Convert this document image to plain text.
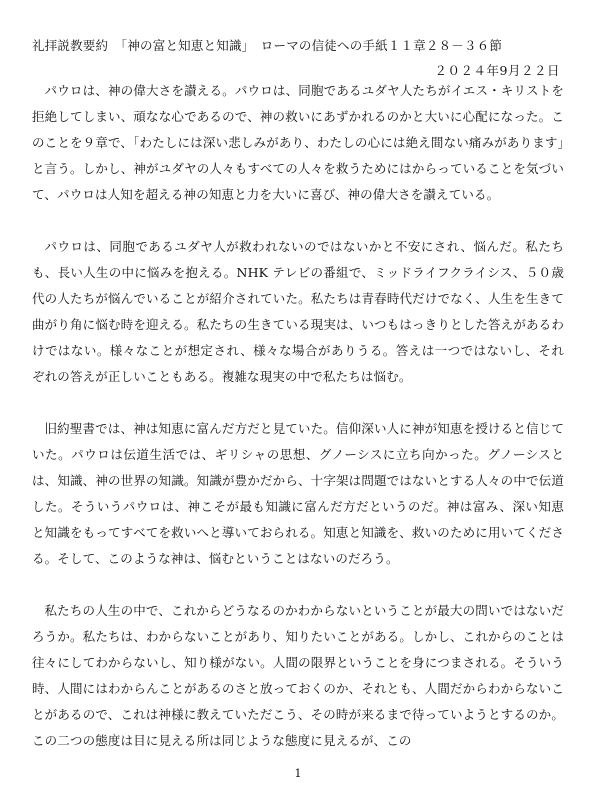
礼拝説教要約　「神の富と知恵と知識」　ローマの信徒への手紙１１章２８－３６節
２０２４年9月２２日

パウロは、神の偉大さを讃える。パウロは、同胞であるユダヤ人たちがイエス・キリストを拒絶してしまい、頑なな心であるので、神の救いにあずかれるのかと大いに心配になった。このことを９章で、「わたしには深い悲しみがあり、わたしの心には絶え間ない痛みがあります」と言う。しかし、神がユダヤの人々もすべての人々を救うためにはからっていることを気づいて、パウロは人知を超える神の知恵と力を大いに喜び、神の偉大さを讃えている。

パウロは、同胞であるユダヤ人が救われないのではないかと不安にされ、悩んだ。私たちも、長い人生の中に悩みを抱える。NHK テレビの番組で、ミッドライフクライシス、５０歳代の人たちが悩んでいることが紹介されていた。私たちは青春時代だけでなく、人生を生きて曲がり角に悩む時を迎える。私たちの生きている現実は、いつもはっきりとした答えがあるわけではない。様々なことが想定され、様々な場合がありうる。答えは一つではないし、それぞれの答えが正しいこともある。複雑な現実の中で私たちは悩む。

旧約聖書では、神は知恵に富んだ方だと見ていた。信仰深い人に神が知恵を授けると信じていた。パウロは伝道生活では、ギリシャの思想、グノーシスに立ち向かった。グノーシスとは、知識、神の世界の知識。知識が豊かだから、十字架は問題ではないとする人々の中で伝道した。そういうパウロは、神こそが最も知識に富んだ方だというのだ。神は富み、深い知恵と知識をもってすべてを救いへと導いておられる。知恵と知識を、救いのために用いてくださる。そして、このような神は、悩むということはないのだろう。

私たちの人生の中で、これからどうなるのかわからないということが最大の問いではないだろうか。私たちは、わからないことがあり、知りたいことがある。しかし、これからのことは往々にしてわからないし、知り様がない。人間の限界ということを身につまされる。そういう時、人間にはわからんことがあるのさと放っておくのか、それとも、人間だからわからないことがあるので、これは神様に教えていただこう、その時が来るまで待っていようとするのか。この二つの態度は目に見える所は同じような態度に見えるが、この

1
